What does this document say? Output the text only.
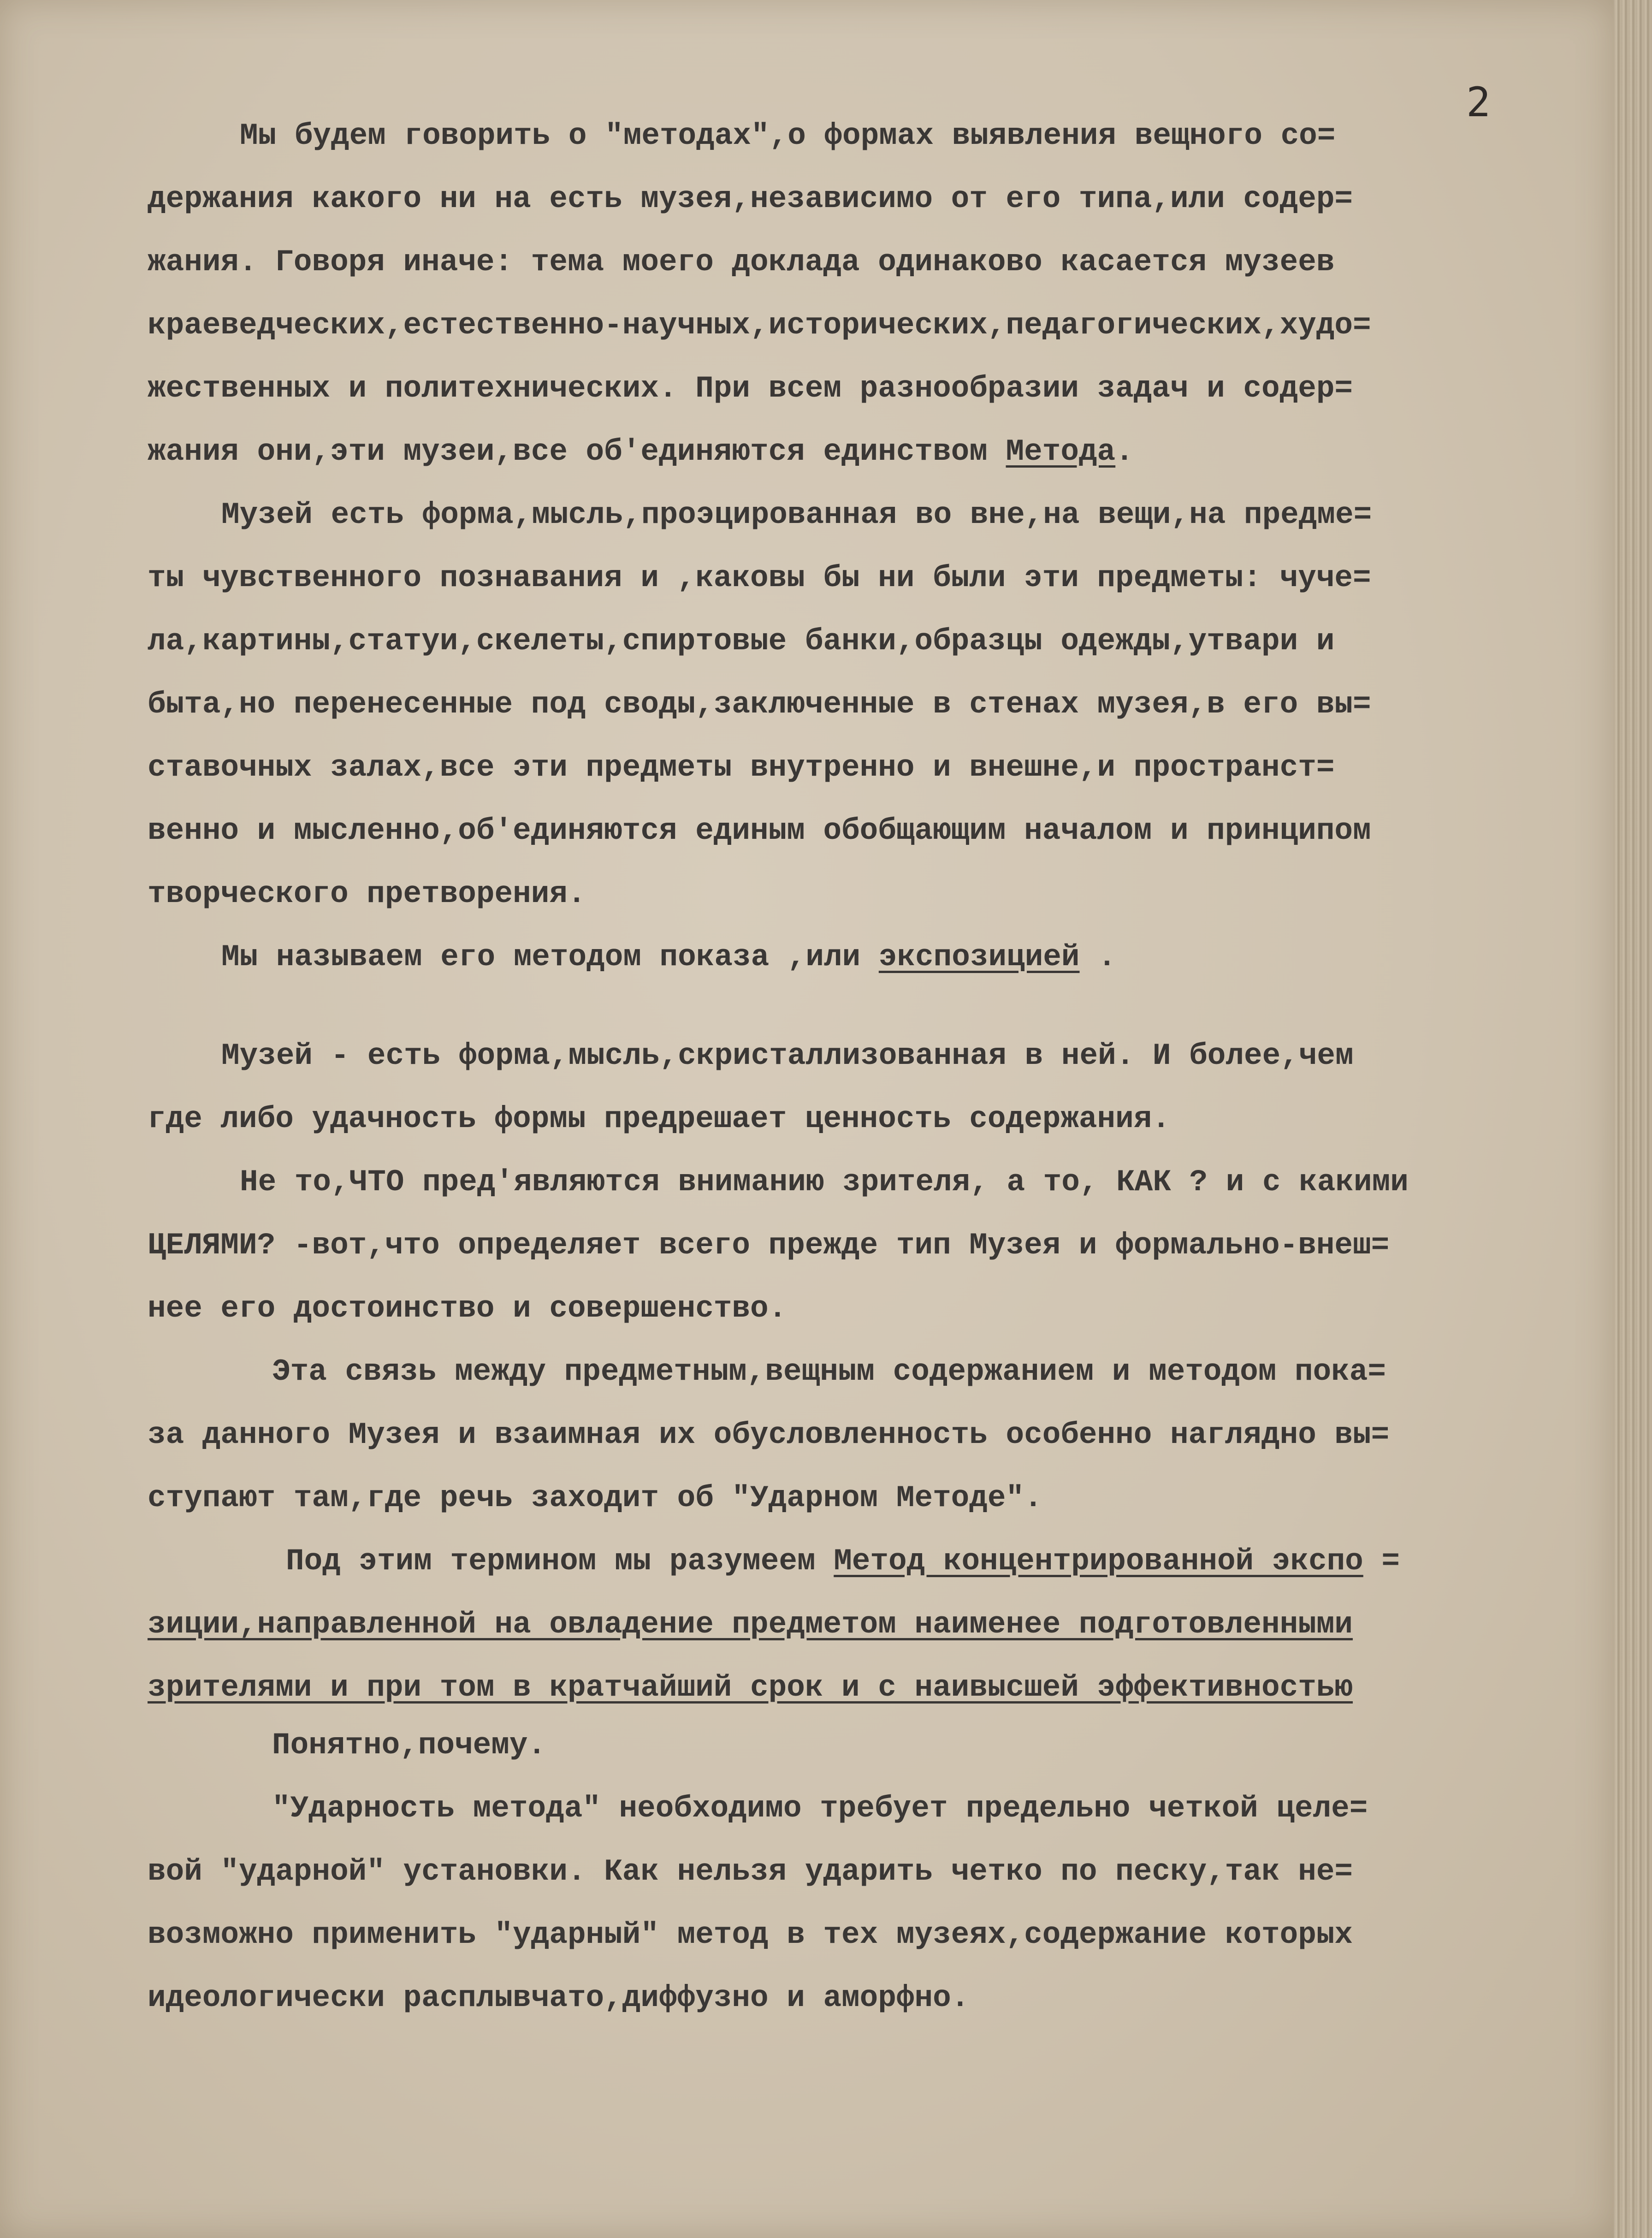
2
Мы будем говорить о "методах",о формах выявления вещного со=
держания какого ни на есть музея,независимо от его типа,или содер=
жания. Говоря иначе: тема моего доклада одинаково касается музеев
краеведческих,естественно-научных,исторических,педагогических,худо=
жественных и политехнических. При всем разнообразии задач и содер=
жания они,эти музеи,все об'единяются единством Метода.
Музей есть форма,мысль,проэцированная во вне,на вещи,на предме=
ты чувственного познавания и ,каковы бы ни были эти предметы: чуче=
ла,картины,статуи,скелеты,спиртовые банки,образцы одежды,утвари и
быта,но перенесенные под своды,заключенные в стенах музея,в его вы=
ставочных залах,все эти предметы внутренно и внешне,и пространст=
венно и мысленно,об'единяются единым обобщающим началом и принципом
творческого претворения.
Мы называем его методом показа ,или экспозицией .
Музей - есть форма,мысль,скристаллизованная в ней. И более,чем
где либо удачность формы предрешает ценность содержания.
Не то,ЧТО пред'являются вниманию зрителя, а то, КАК ? и с какими
ЦЕЛЯМИ? -вот,что определяет всего прежде тип Музея и формально-внеш=
нее его достоинство и совершенство.
Эта связь между предметным,вещным содержанием и методом пока=
за данного Музея и взаимная их обусловленность особенно наглядно вы=
ступают там,где речь заходит об "Ударном Методе".
Под этим термином мы разумеем Метод концентрированной экспо =
зиции,направленной на овладение предметом наименее подготовленными
зрителями и при том в кратчайший срок и с наивысшей эффективностью
Понятно,почему.
"Ударность метода" необходимо требует предельно четкой целе=
вой "ударной" установки. Как нельзя ударить четко по песку,так не=
возможно применить "ударный" метод в тех музеях,содержание которых
идеологически расплывчато,диффузно и аморфно.
